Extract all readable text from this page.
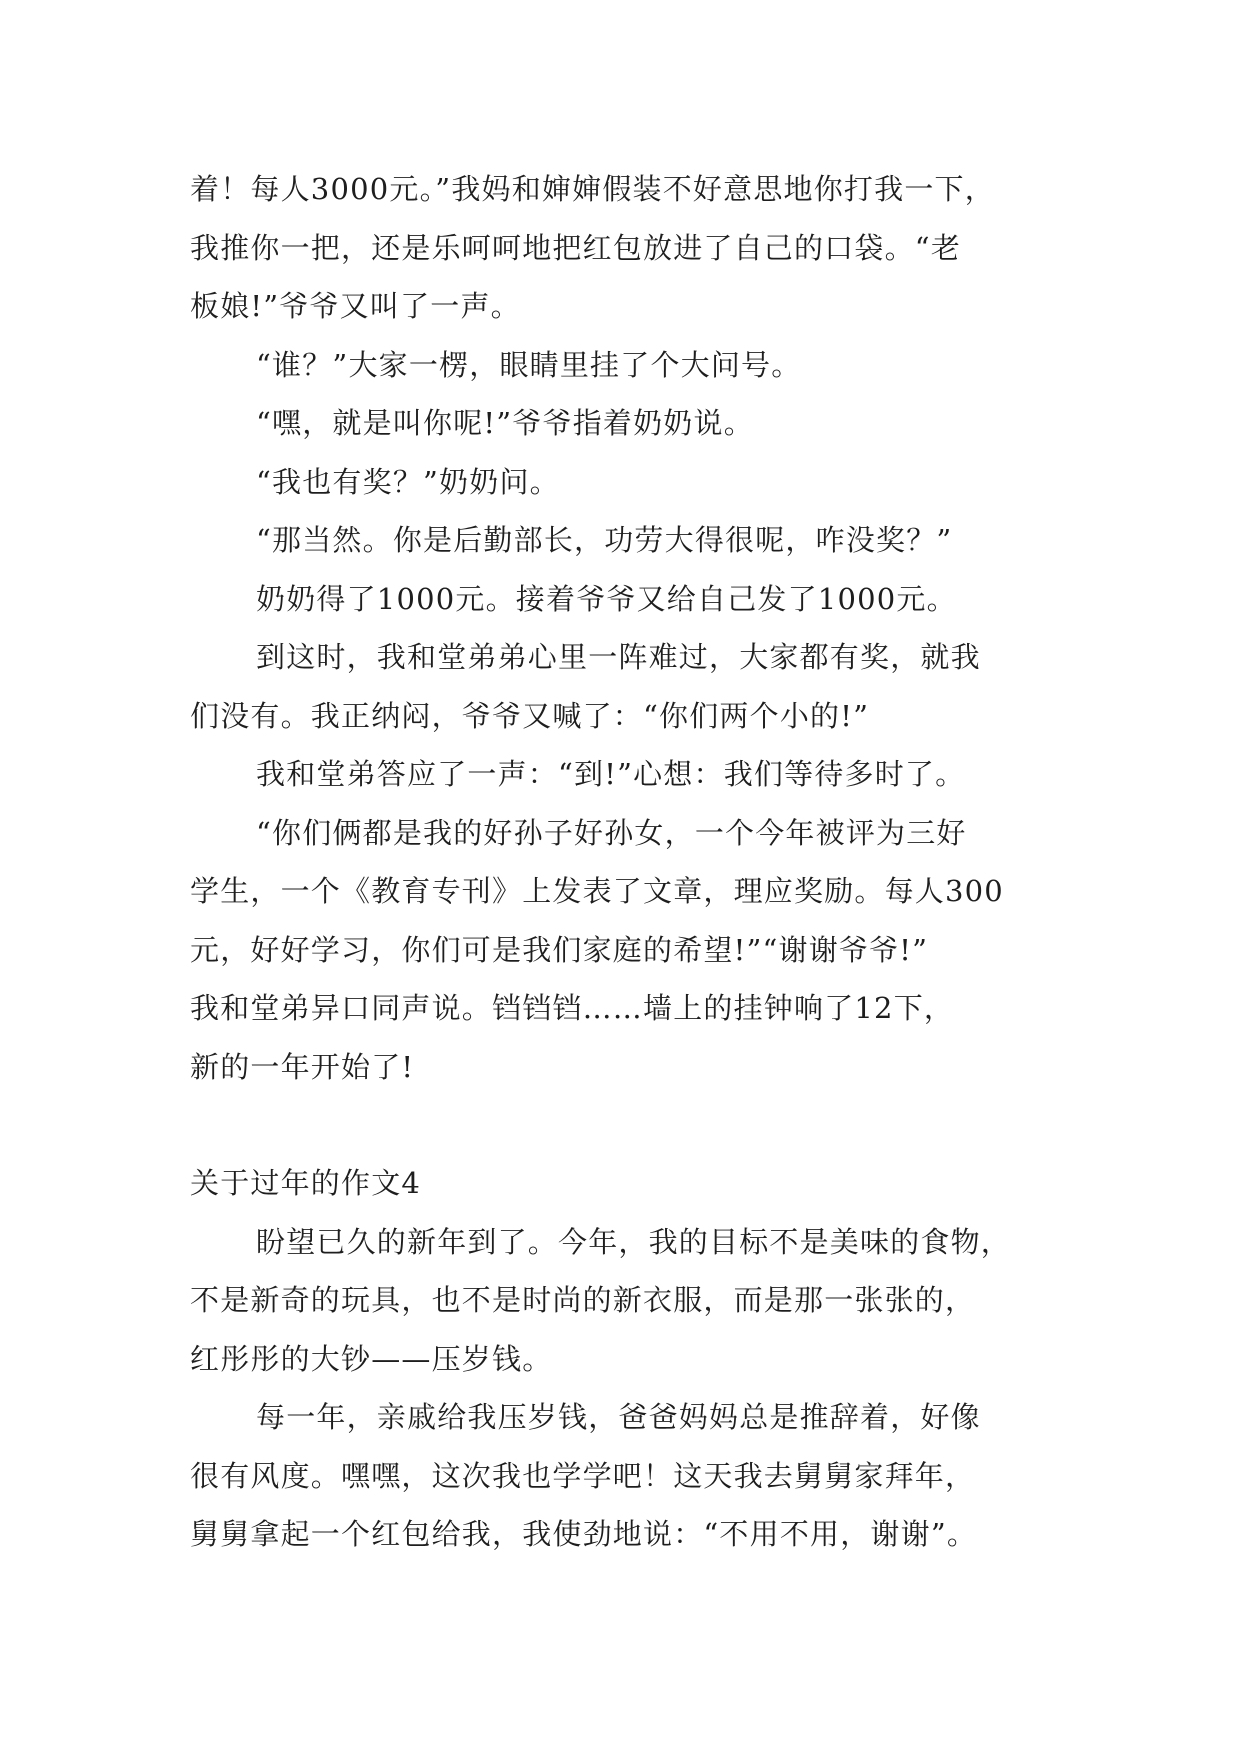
着！每人3000元。”我妈和婶婶假装不好意思地你打我一下，

我推你一把，还是乐呵呵地把红包放进了自己的口袋。“老

板娘!”爷爷又叫了一声。

“谁？”大家一楞，眼睛里挂了个大问号。

“嘿，就是叫你呢!”爷爷指着奶奶说。

“我也有奖？”奶奶问。

“那当然。你是后勤部长，功劳大得很呢，咋没奖？”

奶奶得了1000元。接着爷爷又给自己发了1000元。

到这时，我和堂弟弟心里一阵难过，大家都有奖，就我

们没有。我正纳闷，爷爷又喊了：“你们两个小的!”

我和堂弟答应了一声：“到!”心想：我们等待多时了。

“你们俩都是我的好孙子好孙女，一个今年被评为三好

学生，一个《教育专刊》上发表了文章，理应奖励。每人300

元，好好学习，你们可是我们家庭的希望!”“谢谢爷爷!”

我和堂弟异口同声说。铛铛铛……墙上的挂钟响了12下，

新的一年开始了!

关于过年的作文4

盼望已久的新年到了。今年，我的目标不是美味的食物，

不是新奇的玩具，也不是时尚的新衣服，而是那一张张的，

红彤彤的大钞——压岁钱。

每一年，亲戚给我压岁钱，爸爸妈妈总是推辞着，好像

很有风度。嘿嘿，这次我也学学吧！这天我去舅舅家拜年，

舅舅拿起一个红包给我，我使劲地说：“不用不用，谢谢”。
